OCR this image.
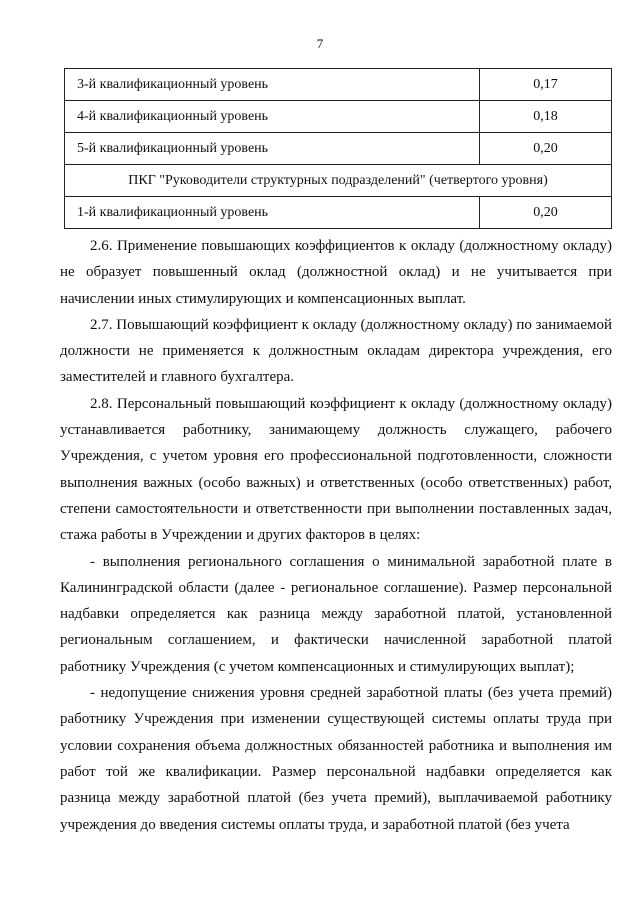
7
3-й квалификационный уровень	0,17
4-й квалификационный уровень	0,18
5-й квалификационный уровень	0,20
ПКГ "Руководители структурных подразделений" (четвертого уровня)	
1-й квалификационный уровень	0,20

2.6. Применение повышающих коэффициентов к окладу (должностному окладу) не образует повышенный оклад (должностной оклад) и не учитывается при начислении иных стимулирующих и компенсационных выплат.

2.7. Повышающий коэффициент к окладу (должностному окладу) по занимаемой должности не применяется к должностным окладам директора учреждения, его заместителей и главного бухгалтера.

2.8. Персональный повышающий коэффициент к окладу (должностному окладу) устанавливается работнику, занимающему должность служащего, рабочего Учреждения, с учетом уровня его профессиональной подготовленности, сложности выполнения важных (особо важных) и ответственных (особо ответственных) работ, степени самостоятельности и ответственности при выполнении поставленных задач, стажа работы в Учреждении и других факторов в целях:

- выполнения регионального соглашения о минимальной заработной плате в Калининградской области (далее - региональное соглашение). Размер персональной надбавки определяется как разница между заработной платой, установленной региональным соглашением, и фактически начисленной заработной платой работнику Учреждения (с учетом компенсационных и стимулирующих выплат);

- недопущение снижения уровня средней заработной платы (без учета премий) работнику Учреждения при изменении существующей системы оплаты труда при условии сохранения объема должностных обязанностей работника и выполнения им работ той же квалификации. Размер персональной надбавки определяется как разница между заработной платой (без учета премий), выплачиваемой работнику учреждения до введения системы оплаты труда, и заработной платой (без учета
